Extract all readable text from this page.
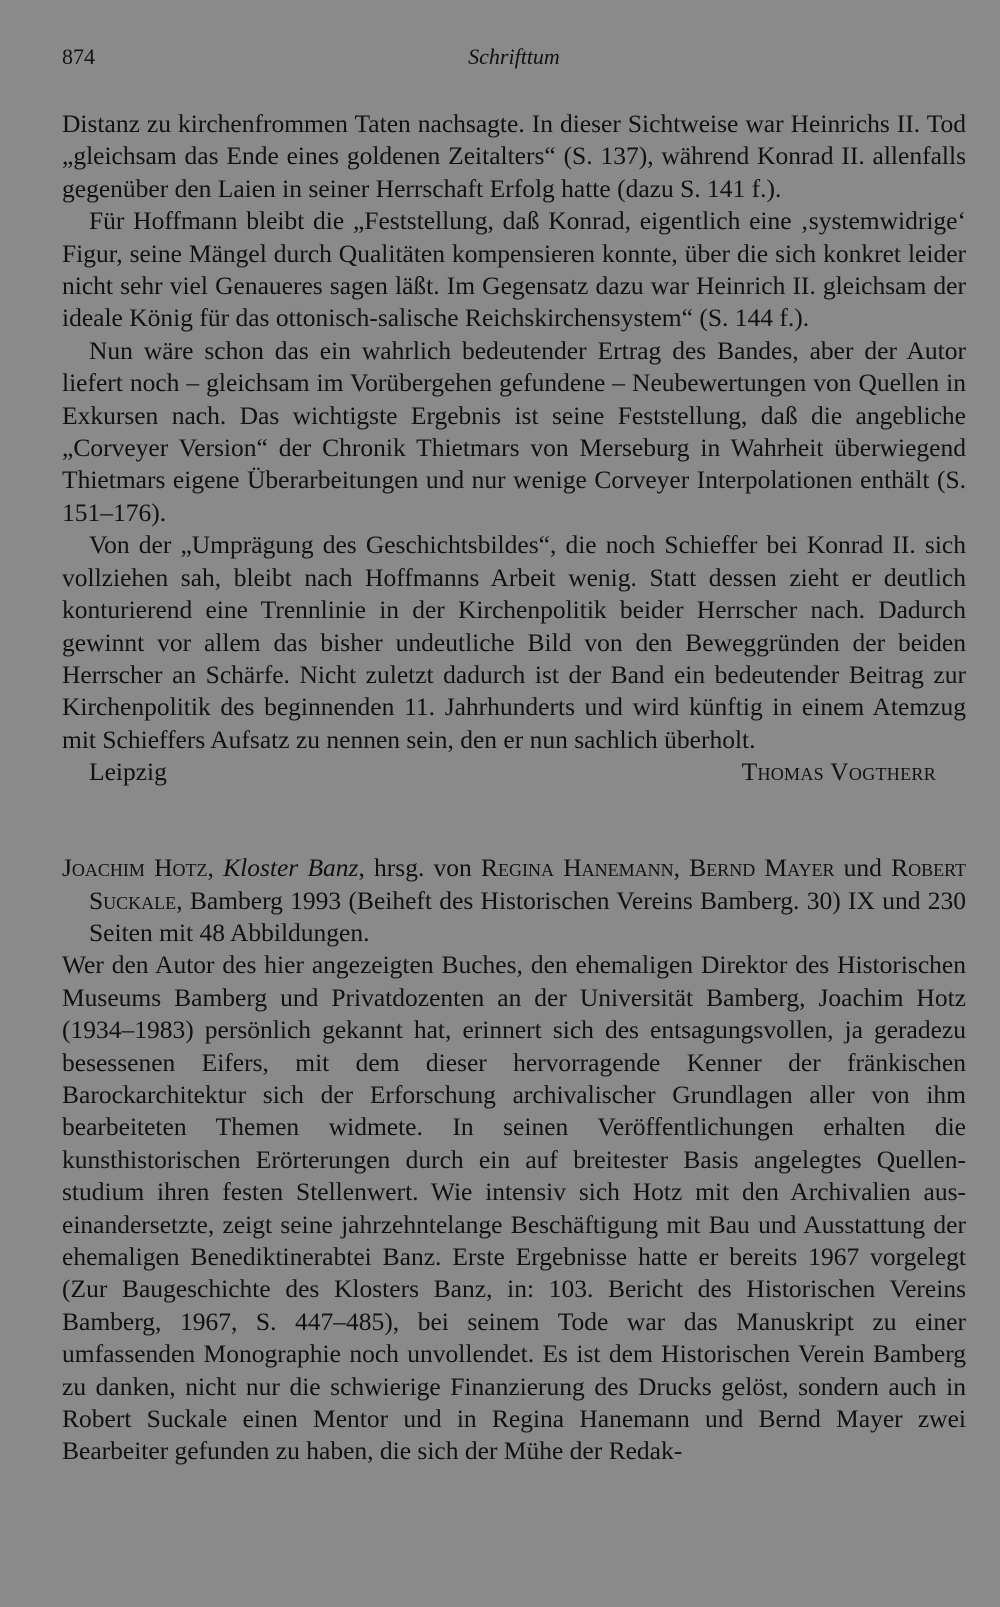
874	Schrifttum

Distanz zu kirchenfrommen Taten nachsagte. In dieser Sichtweise war Heinrichs II. Tod „gleichsam das Ende eines goldenen Zeitalters“ (S. 137), während Konrad II. allenfalls gegenüber den Laien in seiner Herrschaft Erfolg hatte (dazu S. 141 f.).

Für Hoffmann bleibt die „Feststellung, daß Konrad, eigentlich eine ‚systemwidrige‘ Figur, seine Mängel durch Qualitäten kompensieren konnte, über die sich konkret leider nicht sehr viel Genaueres sagen läßt. Im Gegensatz dazu war Heinrich II. gleichsam der ideale König für das ottonisch-salische Reichskirchensystem“ (S. 144 f.).

Nun wäre schon das ein wahrlich bedeutender Ertrag des Bandes, aber der Autor liefert noch – gleichsam im Vorübergehen gefundene – Neubewertungen von Quellen in Exkursen nach. Das wichtigste Ergebnis ist seine Feststellung, daß die angebliche „Corveyer Version“ der Chronik Thietmars von Merseburg in Wahrheit überwiegend Thietmars eigene Überarbeitungen und nur wenige Corveyer Interpolationen enthält (S. 151–176).

Von der „Umprägung des Geschichtsbildes“, die noch Schieffer bei Konrad II. sich vollziehen sah, bleibt nach Hoffmanns Arbeit wenig. Statt dessen zieht er deutlich konturierend eine Trennlinie in der Kirchenpolitik beider Herrscher nach. Dadurch gewinnt vor allem das bisher undeutliche Bild von den Beweggründen der beiden Herrscher an Schärfe. Nicht zuletzt dadurch ist der Band ein bedeutender Beitrag zur Kirchenpolitik des beginnenden 11. Jahrhunderts und wird künftig in einem Atemzug mit Schieffers Aufsatz zu nennen sein, den er nun sachlich überholt.

Leipzig	Thomas Vogtherr
Joachim Hotz, Kloster Banz, hrsg. von Regina Hanemann, Bernd Mayer und Robert Suckale, Bamberg 1993 (Beiheft des Historischen Vereins Bamberg. 30) IX und 230 Seiten mit 48 Abbildungen.

Wer den Autor des hier angezeigten Buches, den ehemaligen Direktor des Historischen Museums Bamberg und Privatdozenten an der Universität Bamberg, Joachim Hotz (1934–1983) persönlich gekannt hat, erinnert sich des entsagungsvollen, ja geradezu besessenen Eifers, mit dem dieser hervorragende Kenner der fränkischen Barockarchitektur sich der Erforschung archivalischer Grundlagen aller von ihm bearbeiteten Themen widmete. In seinen Veröffentlichungen erhalten die kunsthistorischen Erörterungen durch ein auf breitester Basis angelegtes Quellenstudium ihren festen Stellenwert. Wie intensiv sich Hotz mit den Archivalien auseinandersetzte, zeigt seine jahrzehntelange Beschäftigung mit Bau und Ausstattung der ehemaligen Benediktinerabtei Banz. Erste Ergebnisse hatte er bereits 1967 vorgelegt (Zur Baugeschichte des Klosters Banz, in: 103. Bericht des Historischen Vereins Bamberg, 1967, S. 447–485), bei seinem Tode war das Manuskript zu einer umfassenden Monographie noch unvollendet. Es ist dem Historischen Verein Bamberg zu danken, nicht nur die schwierige Finanzierung des Drucks gelöst, sondern auch in Robert Suckale einen Mentor und in Regina Hanemann und Bernd Mayer zwei Bearbeiter gefunden zu haben, die sich der Mühe der Redak-
